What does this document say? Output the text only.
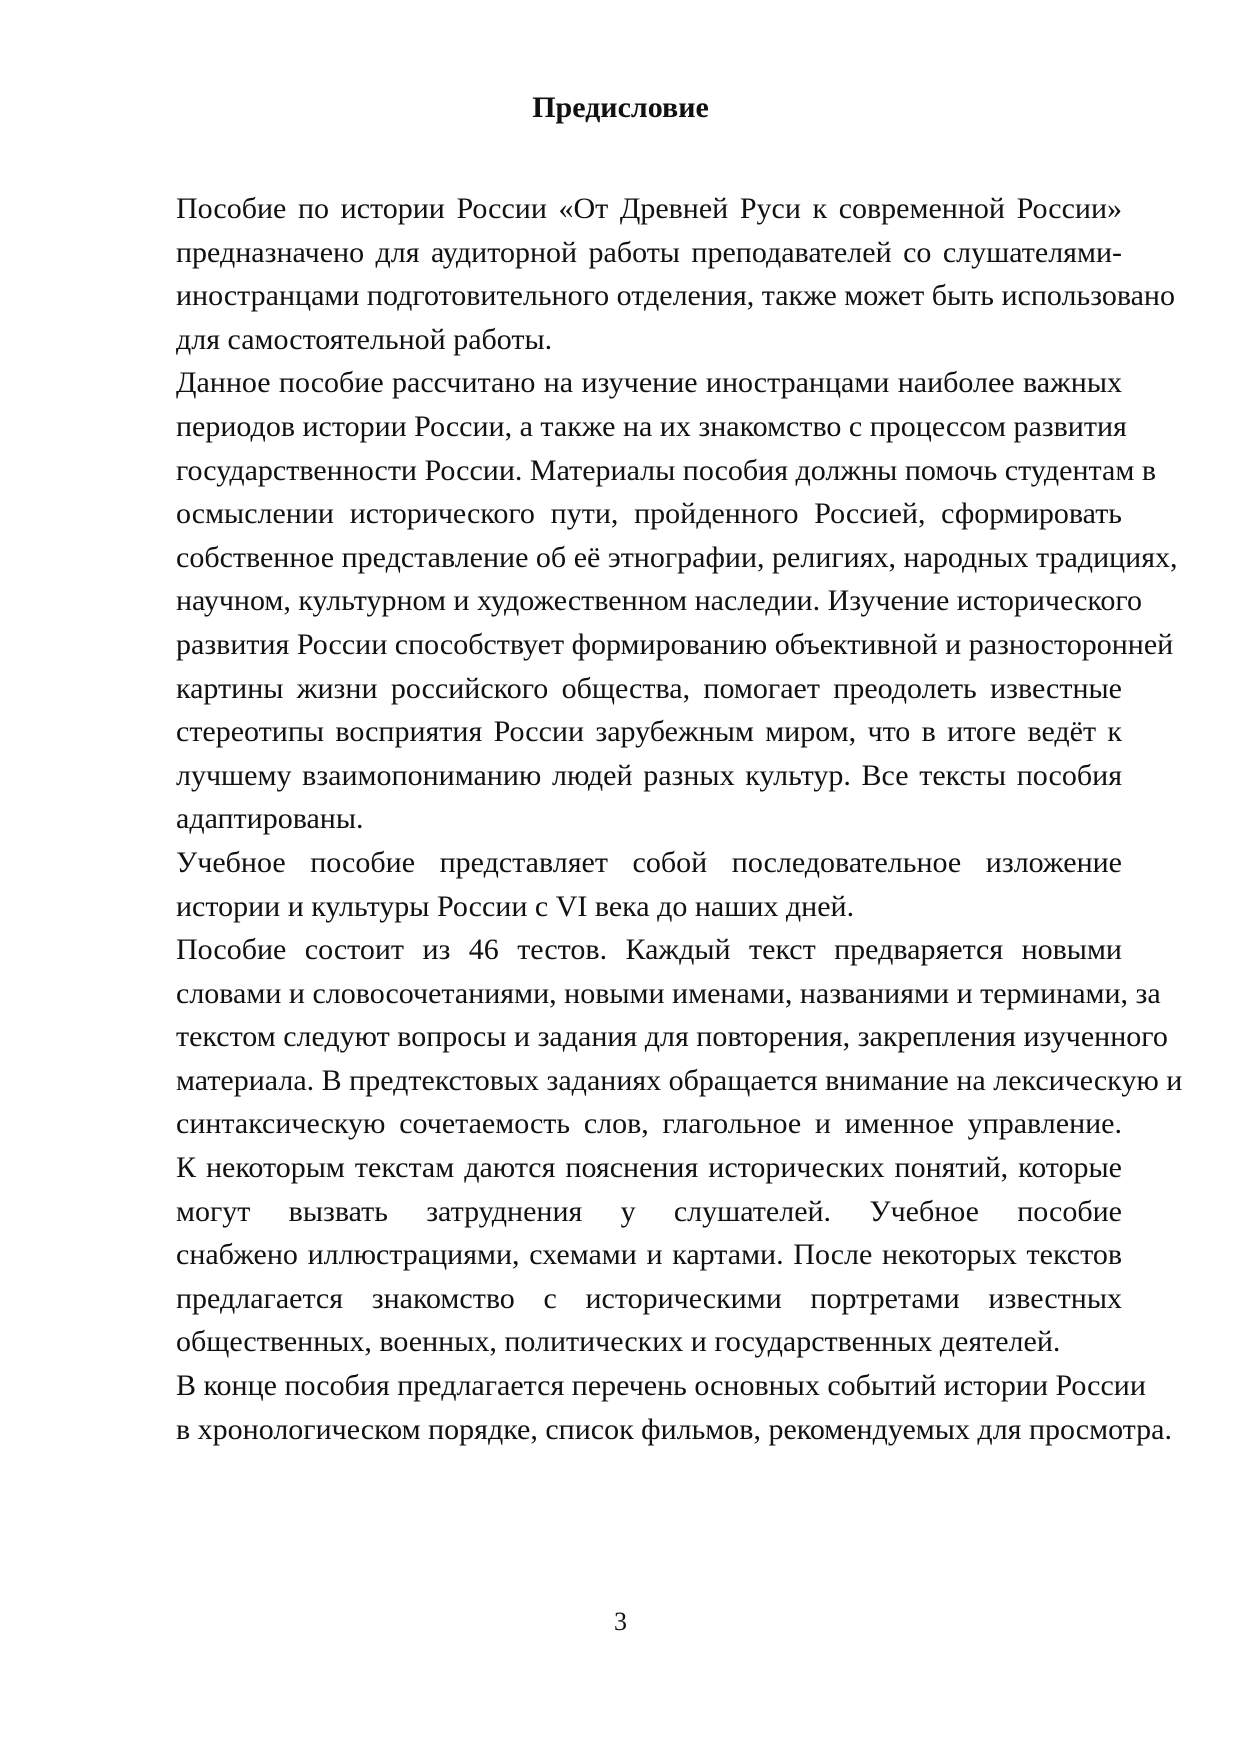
Предисловие

Пособие по истории России «От Древней Руси к современной России»
предназначено для аудиторной работы преподавателей со слушателями-
иностранцами подготовительного отделения, также может быть использовано
для самостоятельной работы.

Данное пособие рассчитано на изучение иностранцами наиболее важных
периодов истории России, а также на их знакомство с процессом развития
государственности России. Материалы пособия должны помочь студентам в
осмыслении исторического пути, пройденного Россией, сформировать
собственное представление об её этнографии, религиях, народных традициях,
научном, культурном и художественном наследии. Изучение исторического
развития России способствует формированию объективной и разносторонней
картины жизни российского общества, помогает преодолеть известные
стереотипы восприятия России зарубежным миром, что в итоге ведёт к
лучшему взаимопониманию людей разных культур. Все тексты пособия
адаптированы.

Учебное пособие представляет собой последовательное изложение
истории и культуры России с VI века до наших дней.

Пособие состоит из 46 тестов. Каждый текст предваряется новыми
словами и словосочетаниями, новыми именами, названиями и терминами, за
текстом следуют вопросы и задания для повторения, закрепления изученного
материала. В предтекстовых заданиях обращается внимание на лексическую и
синтаксическую сочетаемость слов, глагольное и именное управление.
К некоторым текстам даются пояснения исторических понятий, которые
могут вызвать затруднения у слушателей. Учебное пособие
снабжено иллюстрациями, схемами и картами. После некоторых текстов
предлагается знакомство с историческими портретами известных
общественных, военных, политических и государственных деятелей.

В конце пособия предлагается перечень основных событий истории России
в хронологическом порядке, список фильмов, рекомендуемых для просмотра.

3
